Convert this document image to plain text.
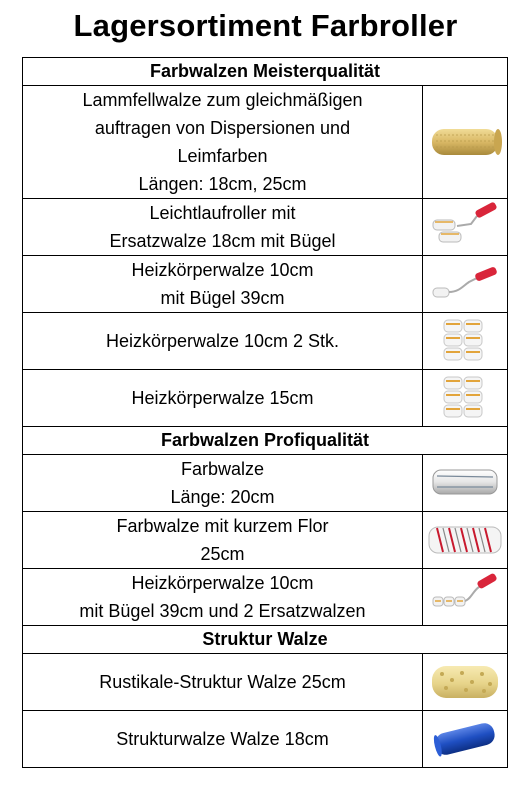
Lagersortiment Farbroller
Farbwalzen Meisterqualität	

Lammfellwalze zum gleichmäßigen
auftragen von Dispersionen und
Leimfarben
Längen: 18cm, 25cm

Leichtlaufroller mit
Ersatzwalze 18cm mit Bügel

Heizkörperwalze 10cm
mit Bügel 39cm

Heizkörperwalze 10cm 2 Stk.

Heizkörperwalze 15cm

Farbwalzen Profiqualität	

Farbwalze
Länge: 20cm

Farbwalze mit kurzem Flor
25cm

Heizkörperwalze 10cm
mit Bügel 39cm und 2 Ersatzwalzen

Struktur Walze	

Rustikale-Struktur Walze 25cm

Strukturwalze Walze 18cm
